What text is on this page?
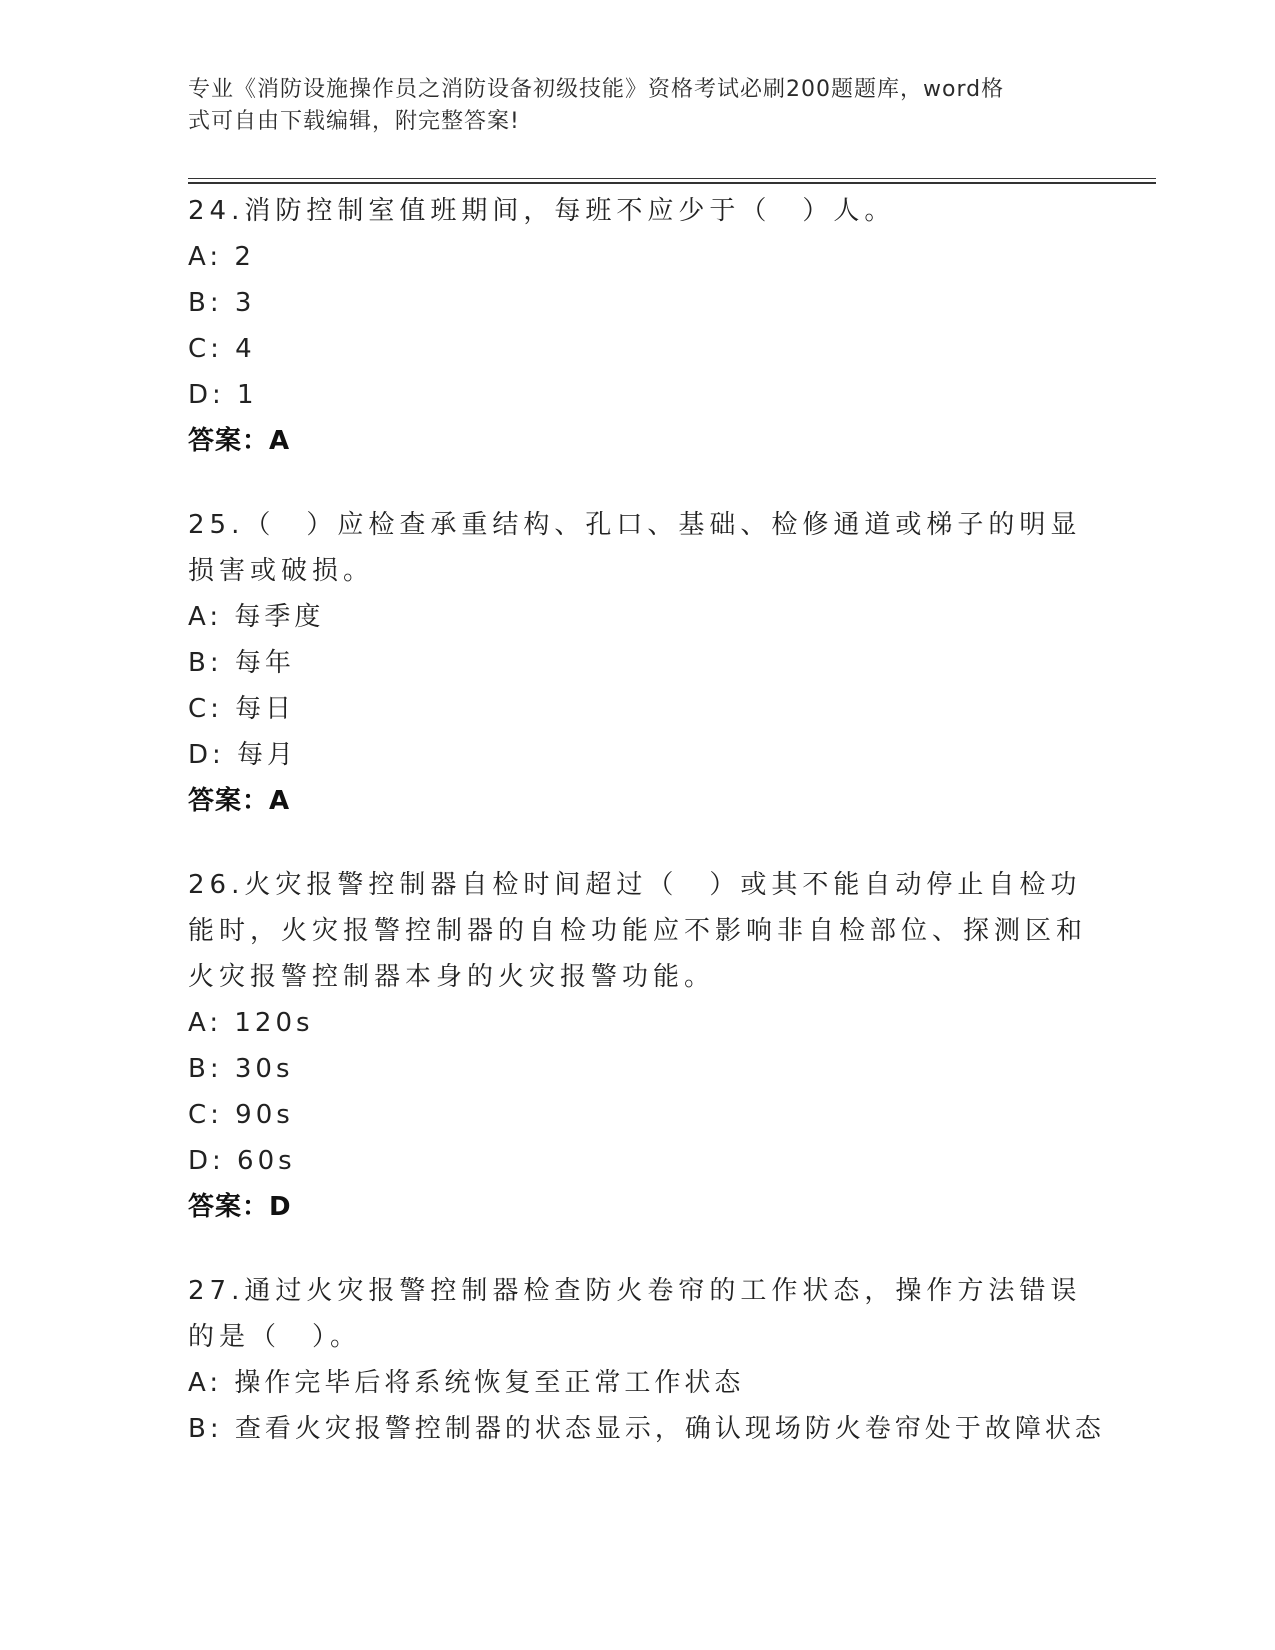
专业《消防设施操作员之消防设备初级技能》资格考试必刷200题题库，word格
式可自由下载编辑，附完整答案!
24.消防控制室值班期间，每班不应少于（　）人。
A: 2
B: 3
C: 4
D: 1
答案：A
25.（　）应检查承重结构、孔口、基础、检修通道或梯子的明显损害或破损。
A: 每季度
B: 每年
C: 每日
D: 每月
答案：A
26.火灾报警控制器自检时间超过（　）或其不能自动停止自检功能时，火灾报警控制器的自检功能应不影响非自检部位、探测区和火灾报警控制器本身的火灾报警功能。
A: 120s
B: 30s
C: 90s
D: 60s
答案：D
27.通过火灾报警控制器检查防火卷帘的工作状态，操作方法错误的是（　）。
A: 操作完毕后将系统恢复至正常工作状态
B: 查看火灾报警控制器的状态显示，确认现场防火卷帘处于故障状态
